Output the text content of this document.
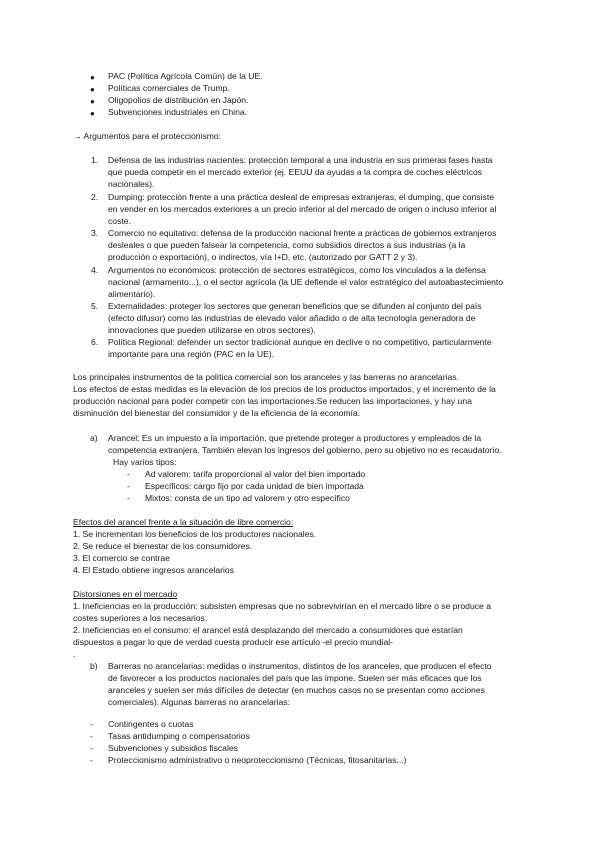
● PAC (Política Agrícola Común) de la UE.
● Políticas comerciales de Trump.
● Oligopolios de distribución en Japón.
● Subvenciones industriales en China.
→ Argumentos para el proteccionismo:
1. Defensa de las industrias nacientes: protección temporal a una industria en sus primeras fases hasta
que pueda competir en el mercado exterior (ej. EEUU da ayudas a la compra de coches eléctricos
nacionales).
2. Dumping: protección frente a una práctica desleal de empresas extranjeras, el dumping, que consiste
en vender en los mercados exteriores a un precio inferior al del mercado de origen o incluso inferior al
coste.
3. Comercio no equitativo: defensa de la producción nacional frente a prácticas de gobiernos extranjeros
desleales o que pueden falsear la competencia, como subsidios directos a sus industrias (a la
producción o exportación), o indirectos, vía I+D, etc. (autorizado por GATT 2 y 3).
4. Argumentos no económicos: protección de sectores estratégicos, como los vinculados a la defensa
nacional (armamento...), o el sector agrícola (la UE defiende el valor estratégico del autoabastecimiento
alimentario).
5. Externalidades: proteger los sectores que generan beneficios que se difunden al conjunto del país
(efecto difusor) como las industrias de elevado valor añadido o de alta tecnología generadora de
innovaciones que pueden utilizarse en otros sectores).
6. Política Regional: defender un sector tradicional aunque en declive o no competitivo, particularmente
importante para una región (PAC en la UE).
Los principales instrumentos de la política comercial son los aranceles y las barreras no arancelarias.
Los efectos de estas medidas es la elevación de los precios de los productos importados, y el incremento de la
producción nacional para poder competir con las importaciones.Se reducen las importaciones, y hay una
disminución del bienestar del consumidor y de la eficiencia de la economía.
a) Arancel: Es un impuesto a la importación, que pretende proteger a productores y empleados de la
competencia extranjera. También elevan los ingresos del gobierno, pero su objetivo no es recaudatorio.
Hay varios tipos:
- Ad valorem: tarifa proporcional al valor del bien importado
- Específicos: cargo fijo por cada unidad de bien importada
- Mixtos: consta de un tipo ad valorem y otro específico
Efectos del arancel frente a la situación de libre comercio:
1. Se incrementan los beneficios de los productores nacionales.
2. Se reduce el bienestar de los consumidores.
3. El comercio se contrae
4. El Estado obtiene ingresos arancelarios
Distorsiones en el mercado
1. Ineficiencias en la producción: subsisten empresas que no sobrevivirían en el mercado libre o se produce a
costes superiores a los necesarios.
2. Ineficiencias en el consumo: el arancel está desplazando del mercado a consumidores que estarían
dispuestos a pagar lo que de verdad cuesta producir ese artículo -el precio mundial-
.
b) Barreras no arancelarias: medidas o instrumentos, distintos de los aranceles, que producen el efecto
de favorecer a los productos nacionales del país que las impone. Suelen ser más eficaces que los
aranceles y suelen ser más difíciles de detectar (en muchos casos no se presentan como acciones
comerciales). Algunas barreras no arancelarias:
- Contingentes o cuotas
- Tasas antidumping o compensatorios
- Subvenciones y subsidios fiscales
- Proteccionismo administrativo o neoproteccionismo (Técnicas, fitosanitarias...)
